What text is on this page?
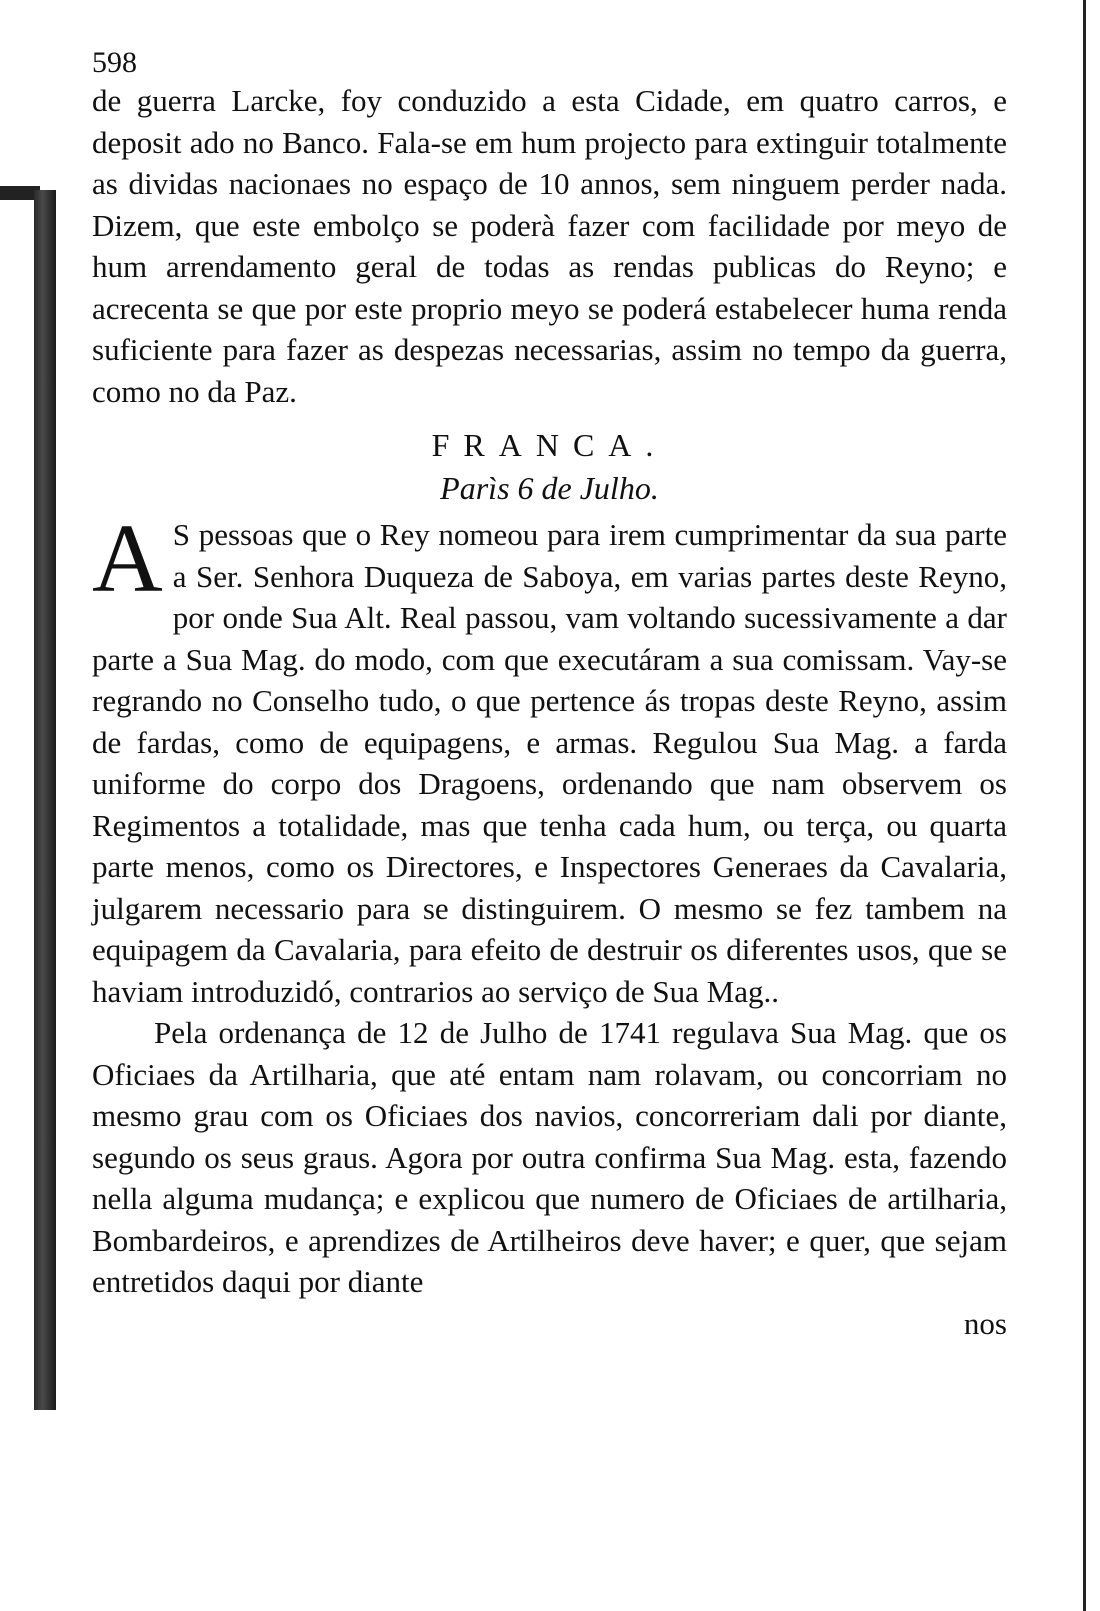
598

de guerra Larcke, foy conduzido a esta Cidade, em quatro carros, e deposit ado no Banco. Fala-se em hum projecto para extinguir totalmente as dividas nacionaes no espaço de 10 annos, sem ninguem perder nada. Dizem, que este embolço se poderà fazer com facilidade por meyo de hum arrendamento geral de todas as rendas publicas do Reyno; e acrecenta se que por este proprio meyo se poderá estabelecer huma renda suficiente para fazer as despezas necessarias, assim no tempo da guerra, como no da Paz.

FRANCA.
Parìs 6 de Julho.

A S pessoas que o Rey nomeou para irem cumprimentar da sua parte a Ser. Senhora Duqueza de Saboya, em varias partes deste Reyno, por onde Sua Alt. Real passou, vam voltando sucessivamente a dar parte a Sua Mag. do modo, com que executáram a sua comissam. Vay-se regrando no Conselho tudo, o que pertence ás tropas deste Reyno, assim de fardas, como de equipagens, e armas. Regulou Sua Mag. a farda uniforme do corpo dos Dragoens, ordenando que nam observem os Regimentos a totalidade, mas que tenha cada hum, ou terça, ou quarta parte menos, como os Directores, e Inspectores Generaes da Cavalaria, julgarem necessario para se distinguirem. O mesmo se fez tambem na equipagem da Cavalaria, para efeito de destruir os diferentes usos, que se haviam introduzidó, contrarios ao serviço de Sua Mag..

Pela ordenança de 12 de Julho de 1741 regulava Sua Mag. que os Oficiaes da Artilharia, que até entam nam rolavam, ou concorriam no mesmo grau com os Oficiaes dos navios, concorreriam dali por diante, segundo os seus graus. Agora por outra confirma Sua Mag. esta, fazendo nella alguma mudança; e explicou que numero de Oficiaes de artilharia, Bombardeiros, e aprendizes de Artilheiros deve haver; e quer, que sejam entretidos daqui por diante

nos
